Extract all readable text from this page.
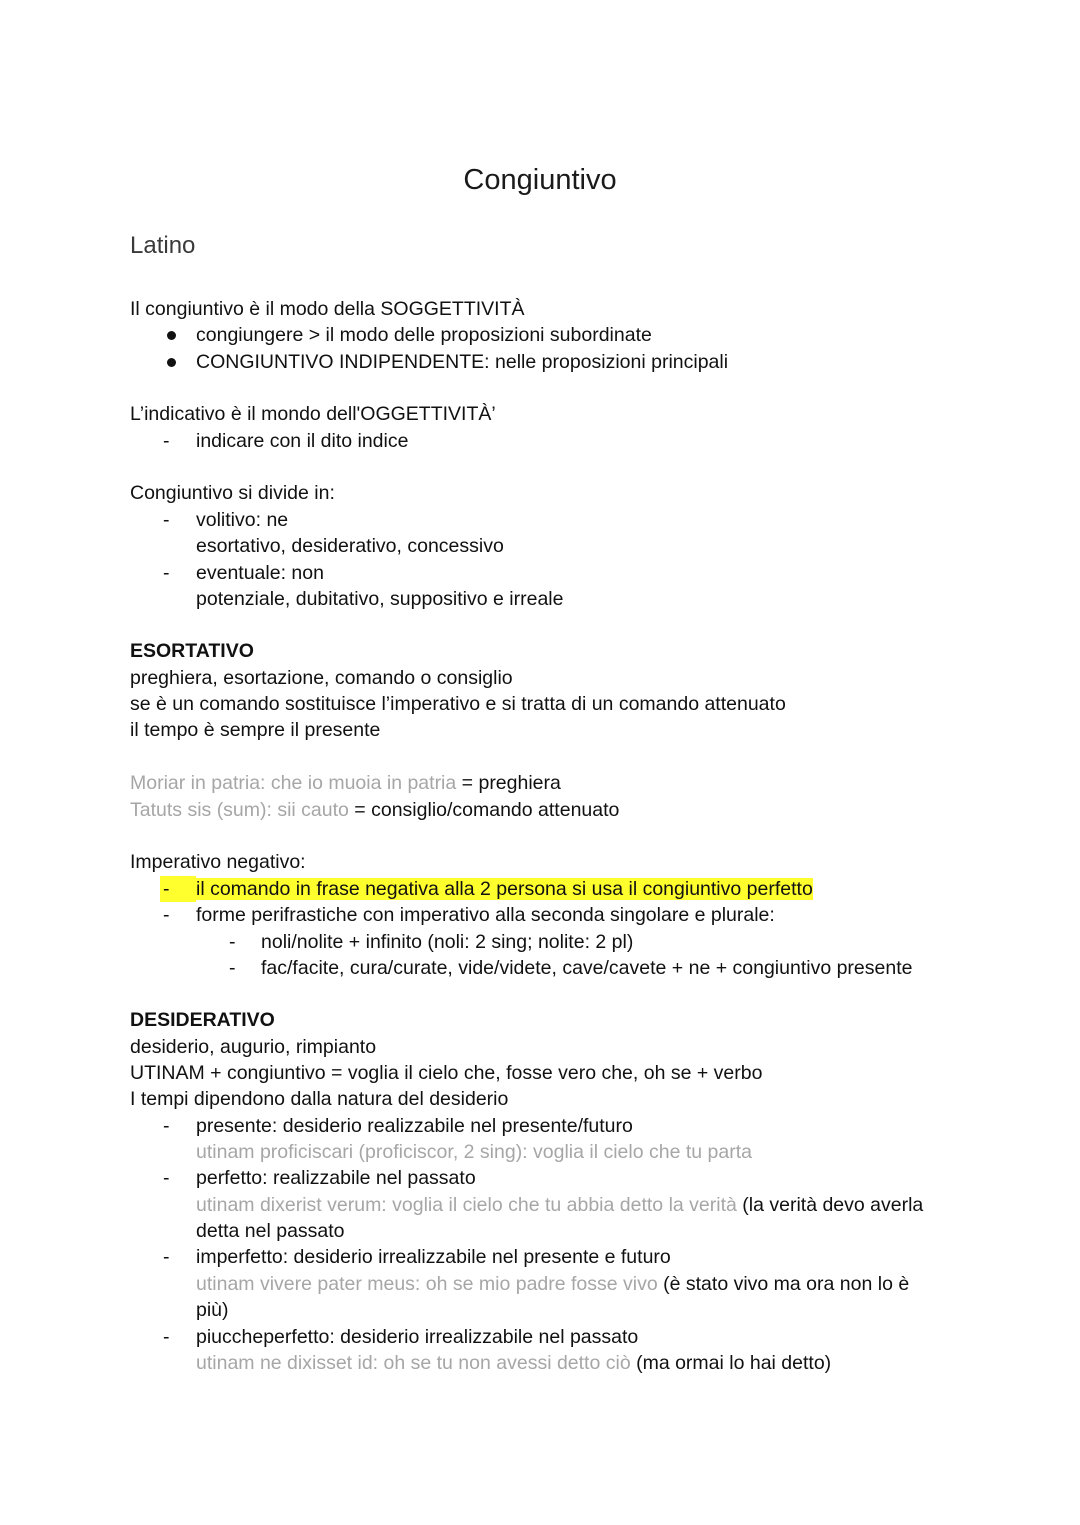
Congiuntivo
Latino
Il congiuntivo è il modo della SOGGETTIVITÀ
congiungere > il modo delle proposizioni subordinate
CONGIUNTIVO INDIPENDENTE: nelle proposizioni principali
L’indicativo è il mondo dell'OGGETTIVITÀ’
- indicare con il dito indice
Congiuntivo si divide in:
- volitivo: ne
esortativo, desiderativo, concessivo
- eventuale: non
potenziale, dubitativo, suppositivo e irreale
ESORTATIVO
preghiera, esortazione, comando o consiglio
se è un comando sostituisce l’imperativo e si tratta di un comando attenuato
il tempo è sempre il presente
Moriar in patria: che io muoia in patria = preghiera
Tatuts sis (sum): sii cauto = consiglio/comando attenuato
Imperativo negativo:
-	il comando in frase negativa alla 2 persona si usa il congiuntivo perfetto
- forme perifrastiche con imperativo alla seconda singolare e plurale:
- noli/nolite + infinito (noli: 2 sing; nolite: 2 pl)
- fac/facite, cura/curate, vide/videte, cave/cavete + ne + congiuntivo presente
DESIDERATIVO
desiderio, augurio, rimpianto
UTINAM + congiuntivo = voglia il cielo che, fosse vero che, oh se + verbo
I tempi dipendono dalla natura del desiderio
- presente: desiderio realizzabile nel presente/futuro
utinam proficiscari (proficiscor, 2 sing): voglia il cielo che tu parta
- perfetto: realizzabile nel passato
utinam dixerist verum: voglia il cielo che tu abbia detto la verità (la verità devo averla
detta nel passato
- imperfetto: desiderio irrealizzabile nel presente e futuro
utinam vivere pater meus: oh se mio padre fosse vivo (è stato vivo ma ora non lo è
più)
- piuccheperfetto: desiderio irrealizzabile nel passato
utinam ne dixisset id: oh se tu non avessi detto ciò (ma ormai lo hai detto)
